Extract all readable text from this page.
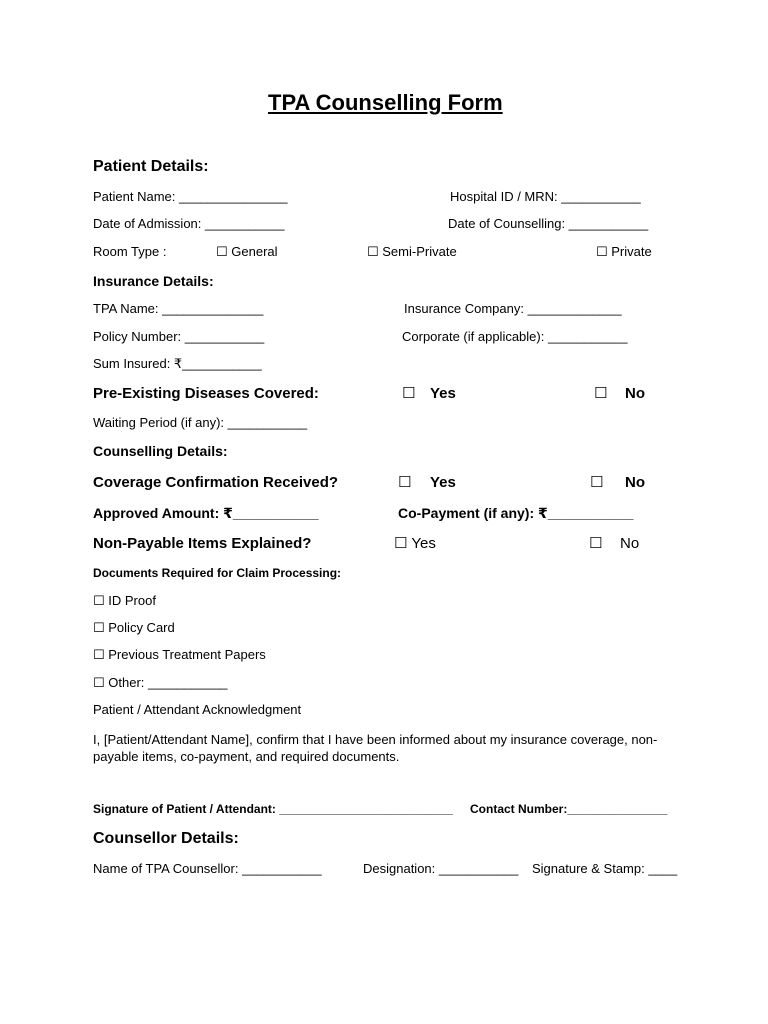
TPA Counselling Form
Patient Details:
Patient Name: _______________	Hospital ID / MRN: ___________
Date of Admission: ___________	Date of Counselling: ___________
Room Type :	☐ General	☐ Semi-Private	☐ Private
Insurance Details:
TPA Name: ______________	Insurance Company: _____________
Policy Number: ___________	Corporate (if applicable): ___________
Sum Insured: ₹___________
Pre-Existing Diseases Covered:	☐ Yes	☐ No
Waiting Period (if any): ___________
Counselling Details:
Coverage Confirmation Received?	☐ Yes	☐ No
Approved Amount: ₹___________	Co-Payment (if any): ₹___________
Non-Payable Items Explained?	☐ Yes	☐ No
Documents Required for Claim Processing:
☐ ID Proof
☐ Policy Card
☐ Previous Treatment Papers
☐ Other: ___________
Patient / Attendant Acknowledgment
I, [Patient/Attendant Name], confirm that I have been informed about my insurance coverage, non-payable items, co-payment, and required documents.
Signature of Patient / Attendant: __________________________ Contact Number:_______________
Counsellor Details:
Name of TPA Counsellor: ___________	Designation: ___________ Signature & Stamp: ____
